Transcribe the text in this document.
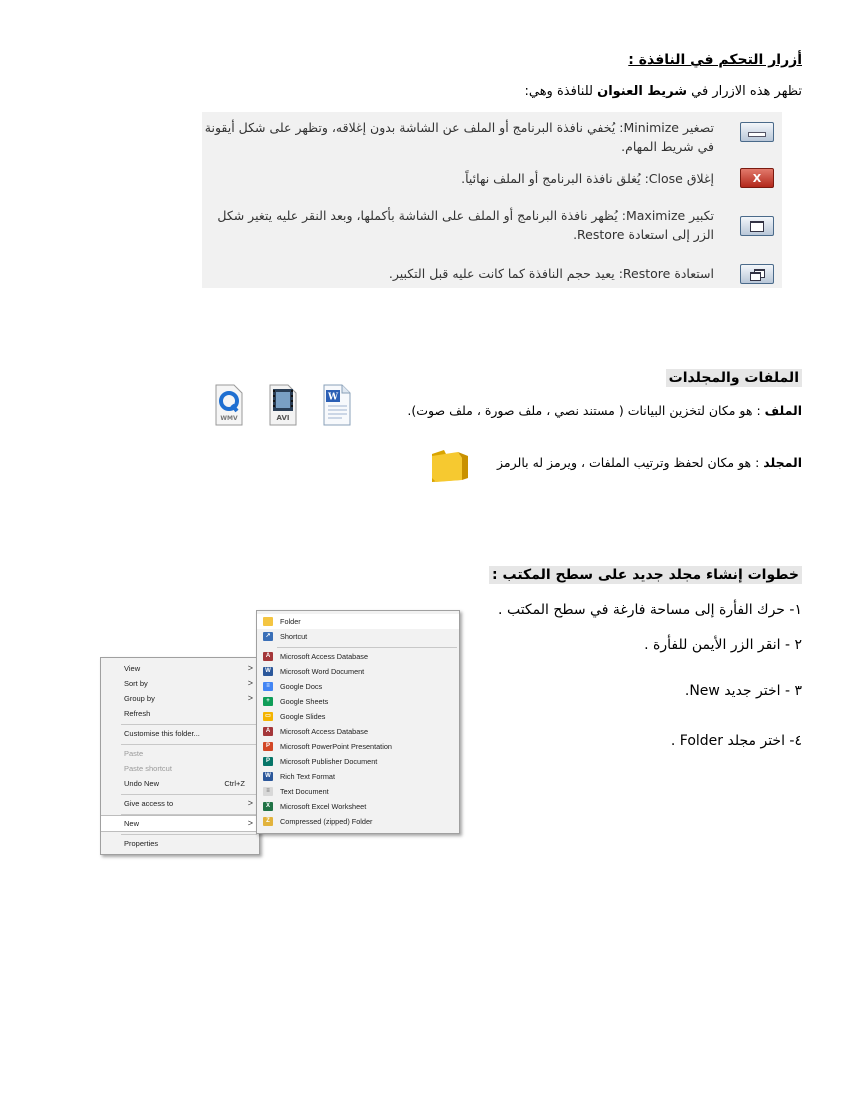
أزرار التحكم في النافذة :
تظهر هذه الازرار في شريط العنوان للنافذة وهي:
تصغير Minimize: يُخفي نافذة البرنامج أو الملف عن الشاشة بدون إغلاقه، وتظهر على شكل أيقونة في شريط المهام.
X
إغلاق Close: يُغلق نافذة البرنامج أو الملف نهائياً.
تكبير Maximize: يُظهر نافذة البرنامج أو الملف على الشاشة بأكملها، وبعد النقر عليه يتغير شكل الزر إلى استعادة Restore.
استعادة Restore: يعيد حجم النافذة كما كانت عليه قبل التكبير.
الملفات والمجلدات
الملف : هو مكان لتخزين البيانات ( مستند نصي ، ملف صورة ، ملف صوت).
W
AVI
WMV
المجلد : هو مكان لحفظ وترتيب الملفات ، ويرمز له بالرمز
خطوات إنشاء مجلد جديد على سطح المكتب :
١- حرك الفأرة إلى مساحة فارغة في سطح المكتب .
٢ - انقر الزر الأيمن للفأرة .
٣ - اختر جديد New.
٤- اختر مجلد Folder .
View	>
Sort by	>
Group by	>
Refresh
Customise this folder...
Paste
Paste shortcut
Undo New	Ctrl+Z
Give access to	>
New	>
Properties
Folder
↗	Shortcut
A	Microsoft Access Database
W Microsoft Word Document
≡	Google Docs
+	Google Sheets
▭ Google Slides
A	Microsoft Access Database
P	Microsoft PowerPoint Presentation
P	Microsoft Publisher Document
W Rich Text Format
≡	Text Document
X	Microsoft Excel Worksheet
Z	Compressed (zipped) Folder
